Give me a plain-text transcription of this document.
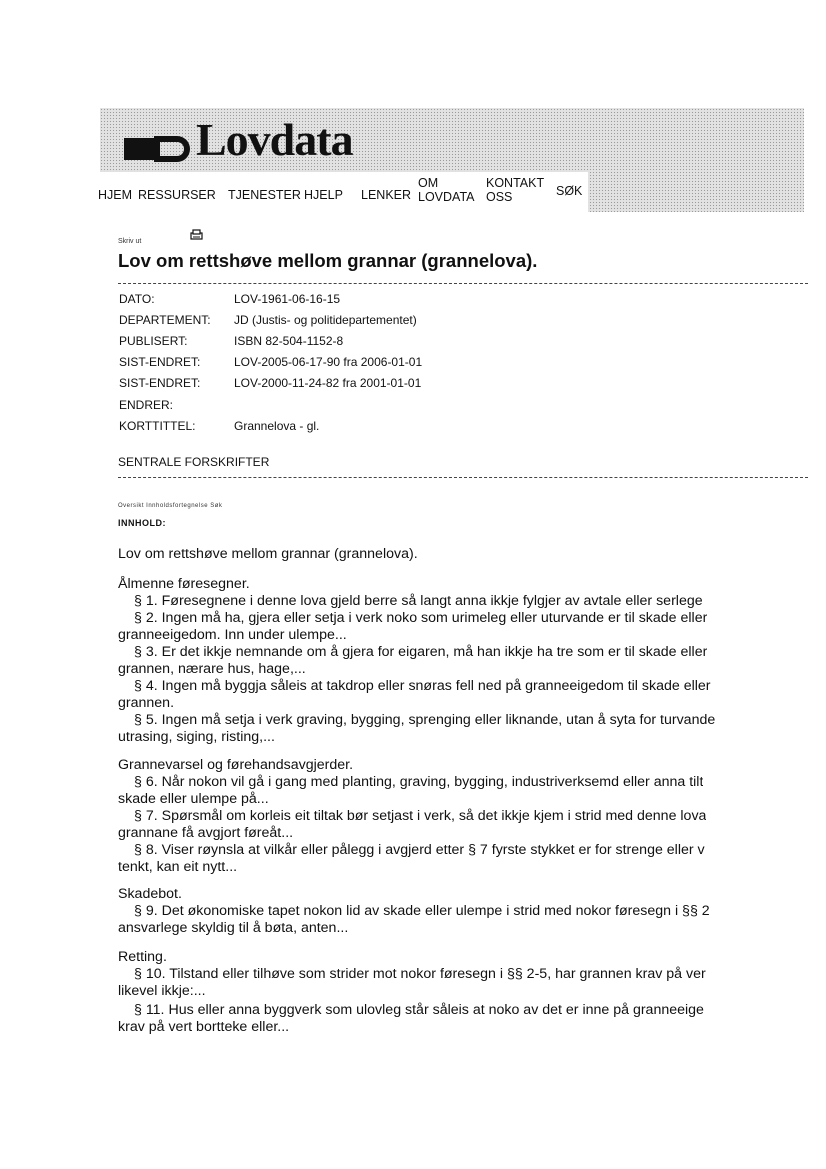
Lovdata
HJEM RESSURSER TJENESTER HJELP LENKER
OM
LOVDATA
KONTAKT
OSS	SØK
Skriv ut
Lov om rettshøve mellom grannar (grannelova).
DATO:	LOV-1961-06-16-15
DEPARTEMENT: JD (Justis- og politidepartementet)
PUBLISERT:	ISBN 82-504-1152-8
SIST-ENDRET:	LOV-2005-06-17-90 fra 2006-01-01
SIST-ENDRET:	LOV-2000-11-24-82 fra 2001-01-01
ENDRER:
KORTTITTEL:	Grannelova - gl.
SENTRALE FORSKRIFTER
Oversikt Innholdsfortegnelse Søk
INNHOLD:
Lov om rettshøve mellom grannar (grannelova).
Ålmenne føresegner.
§ 1. Føresegnene i denne lova gjeld berre så langt anna ikkje fylgjer av avtale eller serlege
§ 2. Ingen må ha, gjera eller setja i verk noko som urimeleg eller uturvande er til skade eller
granneeigedom. Inn under ulempe...
§ 3. Er det ikkje nemnande om å gjera for eigaren, må han ikkje ha tre som er til skade eller
grannen, nærare hus, hage,...
§ 4. Ingen må byggja såleis at takdrop eller snøras fell ned på granneeigedom til skade eller
grannen.
§ 5. Ingen må setja i verk graving, bygging, sprenging eller liknande, utan å syta for turvande
utrasing, siging, risting,...
Grannevarsel og førehandsavgjerder.
§ 6. Når nokon vil gå i gang med planting, graving, bygging, industriverksemd eller anna tilt
skade eller ulempe på...
§ 7. Spørsmål om korleis eit tiltak bør setjast i verk, så det ikkje kjem i strid med denne lova
grannane få avgjort føreåt...
§ 8. Viser røynsla at vilkår eller pålegg i avgjerd etter § 7 fyrste stykket er for strenge eller v
tenkt, kan eit nytt...
Skadebot.
§ 9. Det økonomiske tapet nokon lid av skade eller ulempe i strid med nokor føresegn i §§ 2
ansvarlege skyldig til å bøta, anten...
Retting.
§ 10. Tilstand eller tilhøve som strider mot nokor føresegn i §§ 2-5, har grannen krav på ver
likevel ikkje:...
§ 11. Hus eller anna byggverk som ulovleg står såleis at noko av det er inne på granneeige
krav på vert bortteke eller...
